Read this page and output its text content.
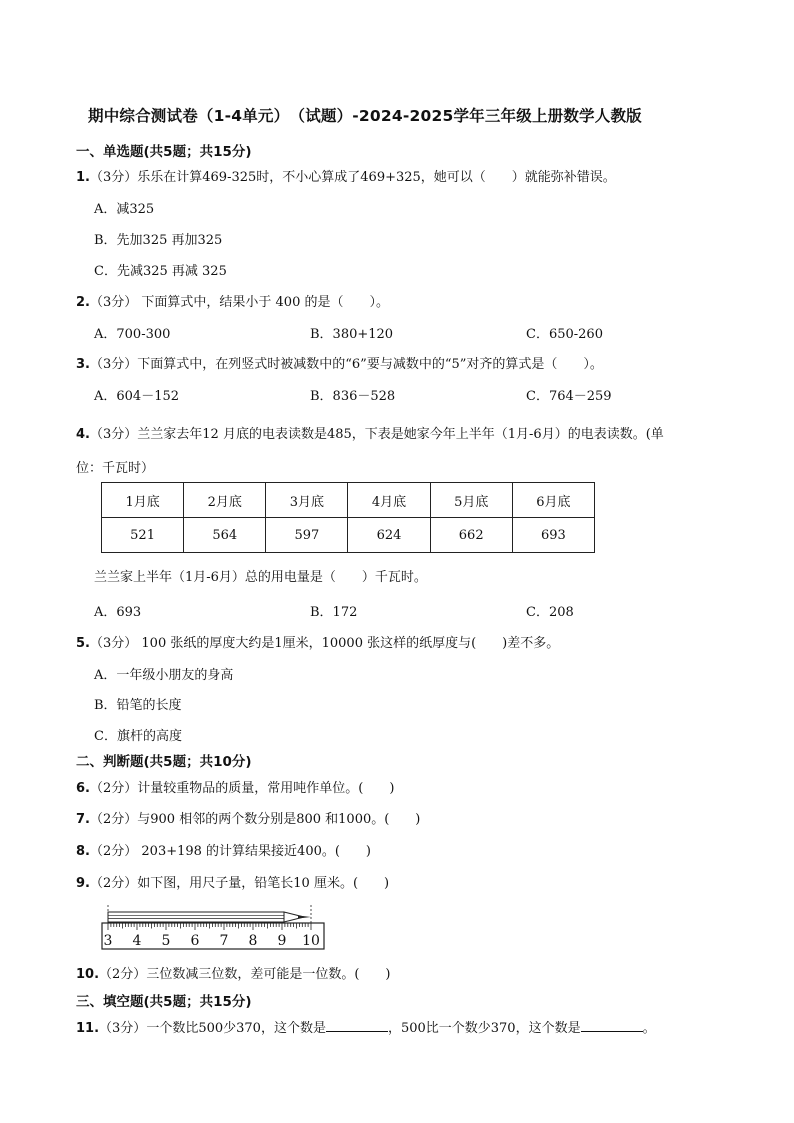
期中综合测试卷（1-4单元）　（试题）-2024-2025学年三年级上册数学人教版
一、单选题(共5题；共15分)
1.（3分）乐乐在计算469-325时，不小心算成了469+325，她可以（　　）就能弥补错误。
A．减325
B．先加325 再加325
C．先减325 再减 325
2.（3分） 下面算式中，结果小于 400 的是（　　）。
A．700-300	B．380+120	C．650-260
3.（3分）下面算式中，在列竖式时被减数中的“6”要与减数中的“5”对齐的算式是（　　）。
A．604－152	B．836－528	C．764－259
4.（3分）兰兰家去年12 月底的电表读数是485，下表是她家今年上半年（1月-6月）的电表读数。(单
位：千瓦时）
1月底	2月底	3月底	4月底	5月底	6月底
521	564	597	624	662	693
兰兰家上半年（1月-6月）总的用电量是（　　）千瓦时。
A．693	B．172	C．208
5.（3分） 100 张纸的厚度大约是1厘米，10000 张这样的纸厚度与(　　)差不多。
A．一年级小朋友的身高
B．铅笔的长度
C．旗杆的高度
二、判断题(共5题；共10分)
6.（2分）计量较重物品的质量，常用吨作单位。(　　)
7.（2分）与900 相邻的两个数分别是800 和1000。(　　)
8.（2分） 203+198 的计算结果接近400。(　　)
9.（2分）如下图，用尺子量，铅笔长10 厘米。(　　)
3 4 5 6 7 8 9 10
10.（2分）三位数减三位数，差可能是一位数。(　　)
三、填空题(共5题；共15分)
11.（3分）一个数比500少370，这个数是	，500比一个数少370，这个数是	。
